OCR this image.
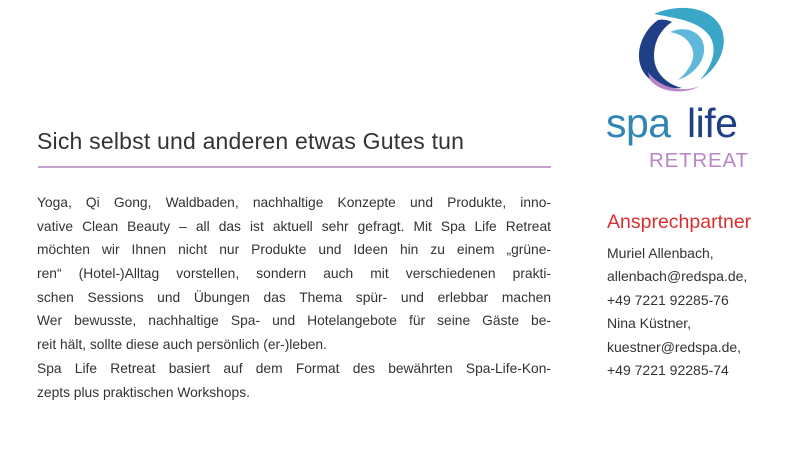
Sich selbst und anderen etwas Gutes tun
Yoga, Qi Gong, Waldbaden, nachhaltige Konzepte und Produkte, inno-
vative Clean Beauty – all das ist aktuell sehr gefragt. Mit Spa Life Retreat
möchten wir Ihnen nicht nur Produkte und Ideen hin zu einem „grüne-
ren“ (Hotel-)Alltag vorstellen, sondern auch mit verschiedenen prakti-
schen Sessions und Übungen das Thema spür- und erlebbar machen
Wer bewusste, nachhaltige Spa- und Hotelangebote für seine Gäste be-
reit hält, sollte diese auch persönlich (er-)leben.
Spa Life Retreat basiert auf dem Format des bewährten Spa-Life-Kon-
zepts plus praktischen Workshops.
spa life
RETREAT
Ansprechpartner
Muriel Allenbach,
allenbach@redspa.de,
+49 7221 92285-76
Nina Küstner,
kuestner@redspa.de,
+49 7221 92285-74
